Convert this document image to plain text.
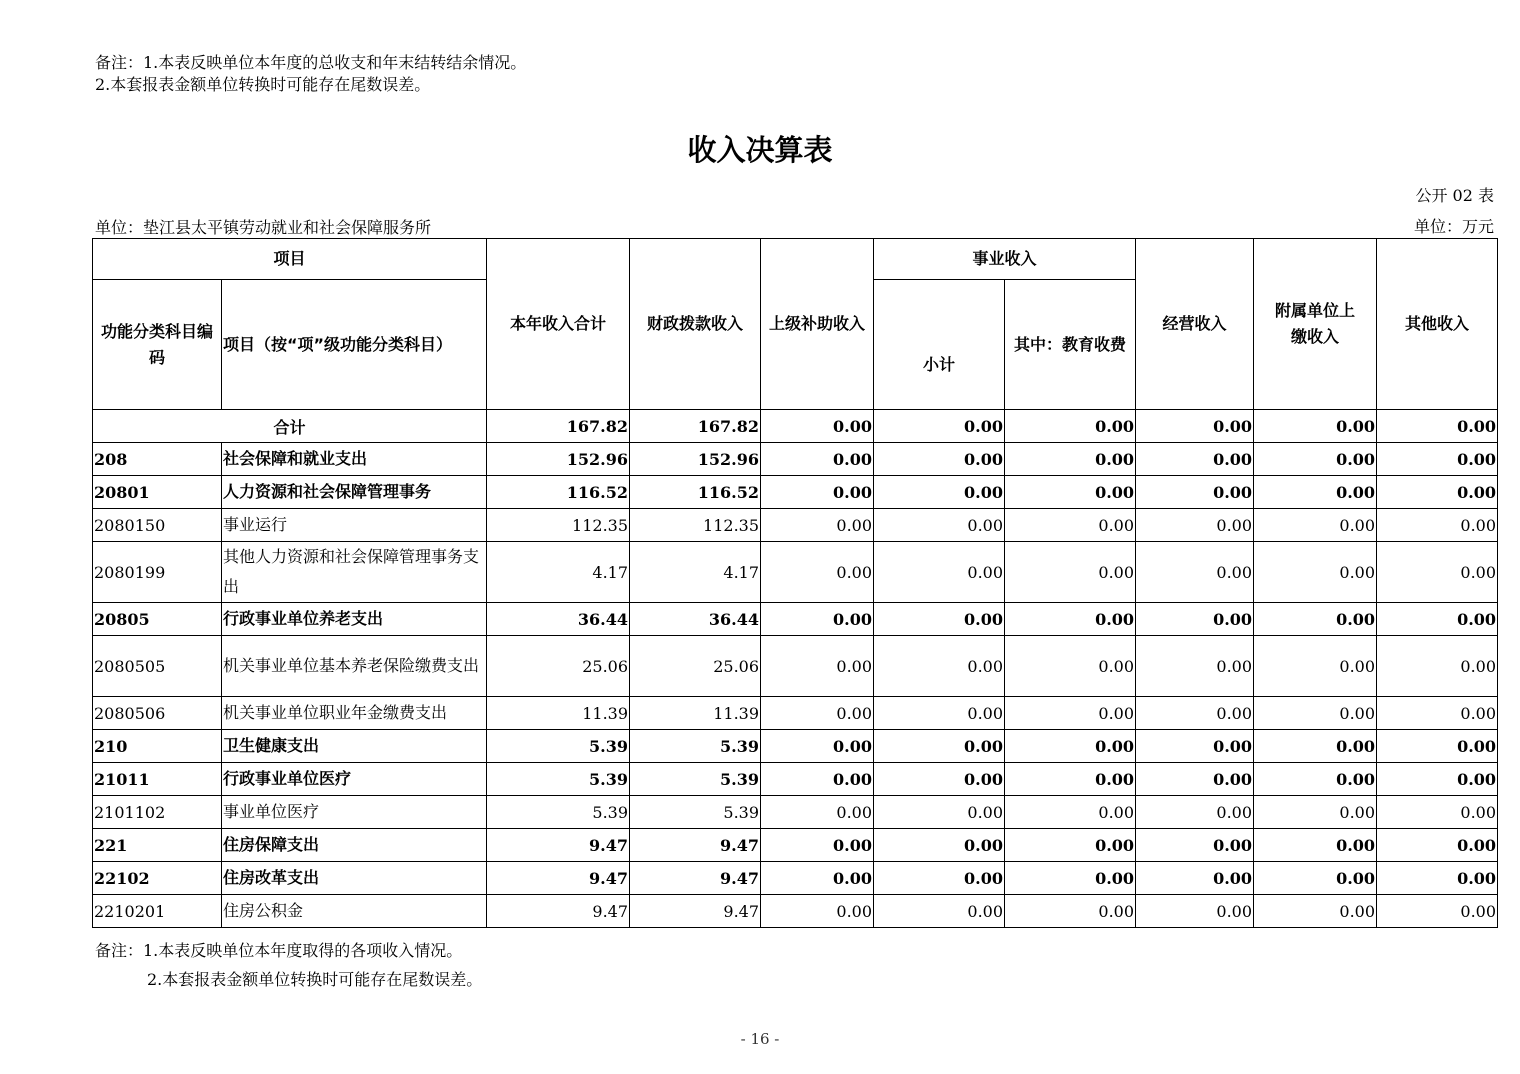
备注：1.本表反映单位本年度的总收支和年末结转结余情况。
2.本套报表金额单位转换时可能存在尾数误差。
收入决算表
公开 02 表
单位：垫江县太平镇劳动就业和社会保障服务所	单位：万元
项目		本年收入合计	财政拨款收入	上级补助收入	事业收入		经营收入	附属单位上缴收入	其他收入
功能分类科目编码	项目（按“项”级功能分类科目）				小计	其中：教育收费			
合计		167.82	167.82	0.00	0.00	0.00	0.00	0.00	0.00
208	社会保障和就业支出	152.96	152.96	0.00	0.00	0.00	0.00	0.00	0.00
20801	人力资源和社会保障管理事务	116.52	116.52	0.00	0.00	0.00	0.00	0.00	0.00
2080150	事业运行	112.35	112.35	0.00	0.00	0.00	0.00	0.00	0.00
2080199	其他人力资源和社会保障管理事务支出	4.17	4.17	0.00	0.00	0.00	0.00	0.00	0.00
20805	行政事业单位养老支出	36.44	36.44	0.00	0.00	0.00	0.00	0.00	0.00
2080505	机关事业单位基本养老保险缴费支出	25.06	25.06	0.00	0.00	0.00	0.00	0.00	0.00
2080506	机关事业单位职业年金缴费支出	11.39	11.39	0.00	0.00	0.00	0.00	0.00	0.00
210	卫生健康支出	5.39	5.39	0.00	0.00	0.00	0.00	0.00	0.00
21011	行政事业单位医疗	5.39	5.39	0.00	0.00	0.00	0.00	0.00	0.00
2101102	事业单位医疗	5.39	5.39	0.00	0.00	0.00	0.00	0.00	0.00
221	住房保障支出	9.47	9.47	0.00	0.00	0.00	0.00	0.00	0.00
22102	住房改革支出	9.47	9.47	0.00	0.00	0.00	0.00	0.00	0.00
2210201	住房公积金	9.47	9.47	0.00	0.00	0.00	0.00	0.00	0.00
备注：1.本表反映单位本年度取得的各项收入情况。
2.本套报表金额单位转换时可能存在尾数误差。
- 16 -
